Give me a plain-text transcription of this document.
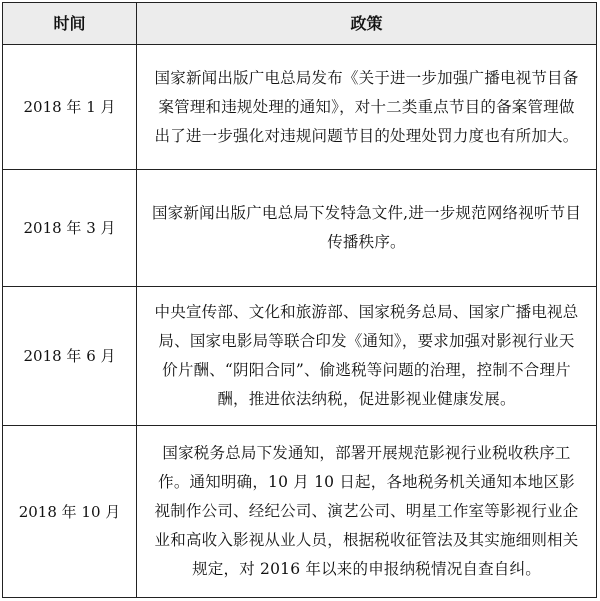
时间	政策
2018 年 1 月
国家新闻出版广电总局发布《关于进一步加强广播电视节目备案管理和违规处理的通知》，对十二类重点节目的备案管理做出了进一步强化对违规问题节目的处理处罚力度也有所加大。
2018 年 3 月
国家新闻出版广电总局下发特急文件,进一步规范网络视听节目传播秩序。
2018 年 6 月
中央宣传部、文化和旅游部、国家税务总局、国家广播电视总局、国家电影局等联合印发《通知》，要求加强对影视行业天价片酬、“阴阳合同”、偷逃税等问题的治理，控制不合理片酬，推进依法纳税，促进影视业健康发展。
2018 年 10 月
国家税务总局下发通知，部署开展规范影视行业税收秩序工作。通知明确，10 月 10 日起，各地税务机关通知本地区影视制作公司、经纪公司、演艺公司、明星工作室等影视行业企业和高收入影视从业人员，根据税收征管法及其实施细则相关规定，对 2016 年以来的申报纳税情况自查自纠。
